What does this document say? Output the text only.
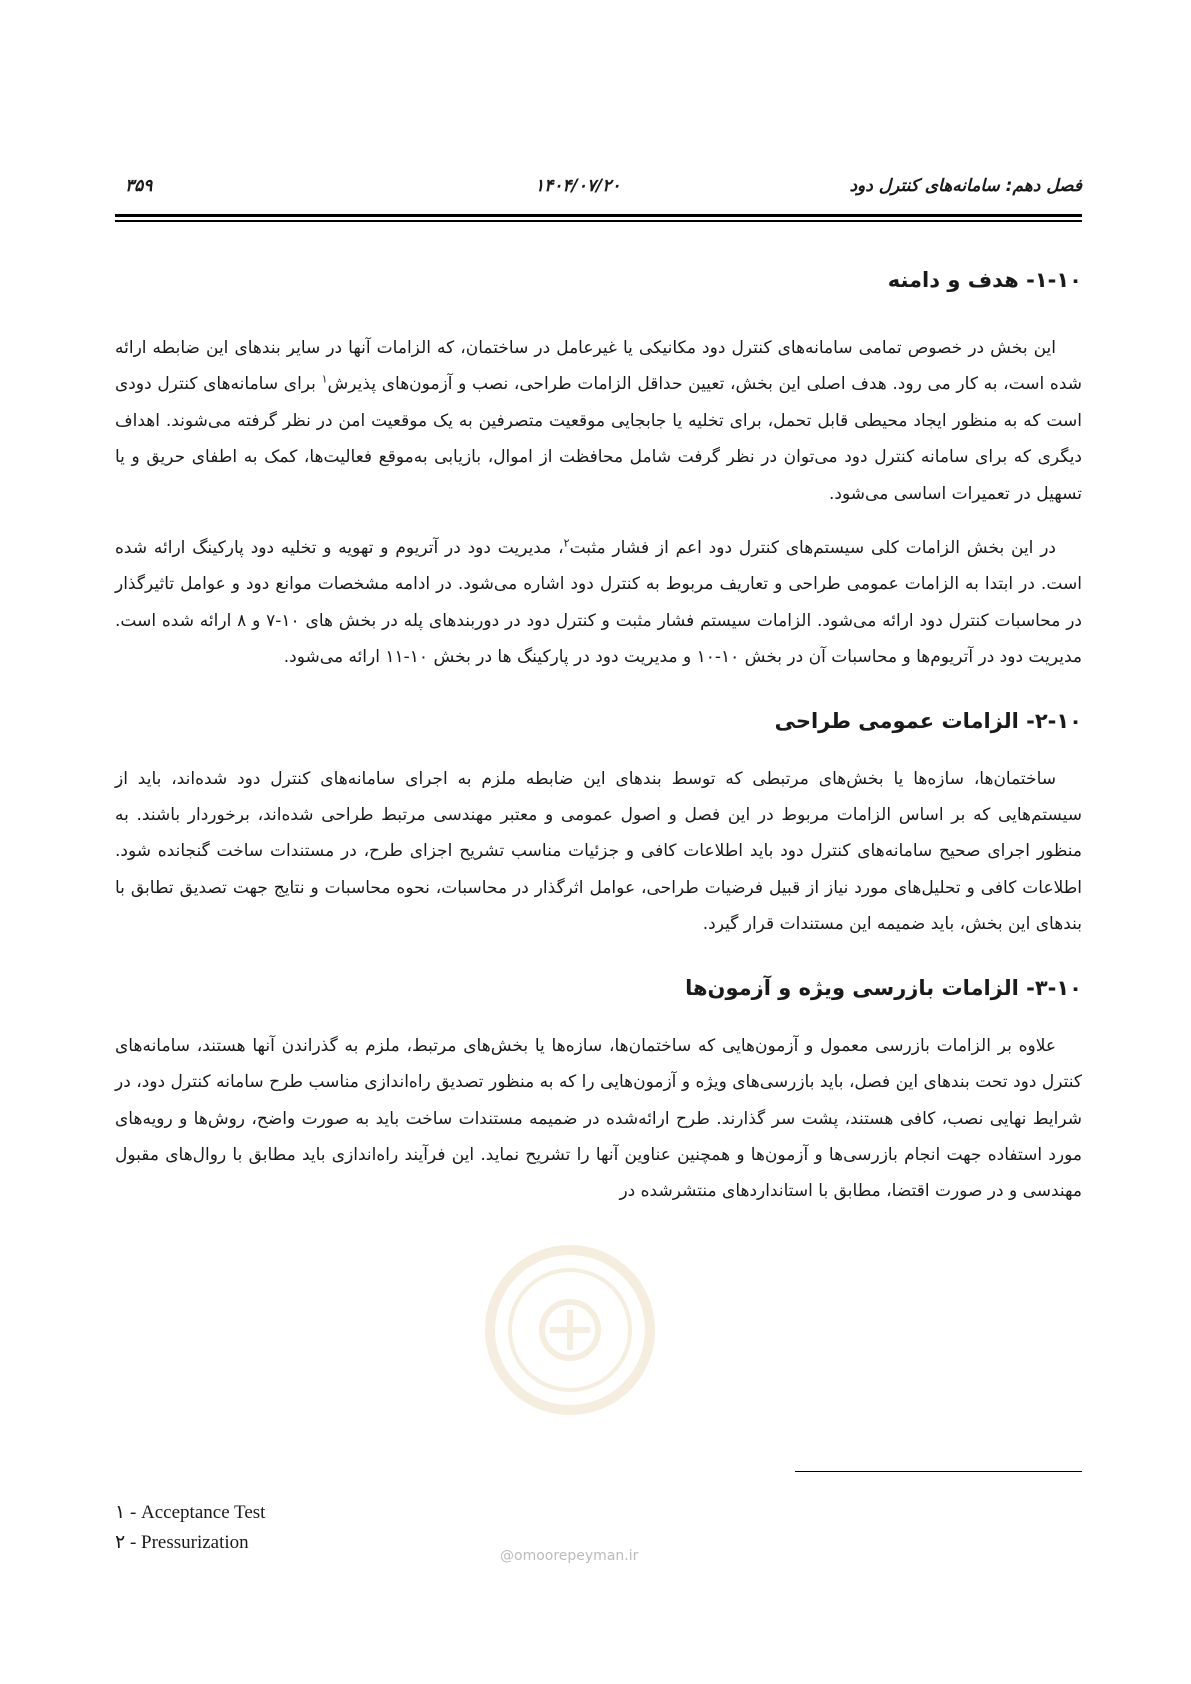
فصل دهم: سامانه‌های کنترل دود
۱۴۰۴/۰۷/۲۰
۳۵۹
۱-۱۰- هدف و دامنه

این بخش در خصوص تمامی سامانه‌های کنترل دود مکانیکی یا غیرعامل در ساختمان، که الزامات آنها در سایر بندهای این ضابطه ارائه شده است، به کار می رود. هدف اصلی این بخش، تعیین حداقل الزامات طراحی، نصب و آزمون‌های پذیرش$^۱$ برای سامانه‌های کنترل دودی است که به منظور ایجاد محیطی قابل تحمل، برای تخلیه یا جابجایی موقعیت متصرفین به یک موقعیت امن در نظر گرفته می‌شوند. اهداف دیگری که برای سامانه کنترل دود می‌توان در نظر گرفت شامل محافظت از اموال، بازیابی به‌موقع فعالیت‌ها، کمک به اطفای حریق و یا تسهیل در تعمیرات اساسی می‌شود.

در این بخش الزامات کلی سیستم‌های کنترل دود اعم از فشار مثبت$^۲$، مدیریت دود در آتریوم و تهویه و تخلیه دود پارکینگ ارائه شده است. در ابتدا به الزامات عمومی طراحی و تعاریف مربوط به کنترل دود اشاره می‌شود. در ادامه مشخصات موانع دود و عوامل تاثیرگذار در محاسبات کنترل دود ارائه می‌شود. الزامات سیستم فشار مثبت و کنترل دود در دوربندهای پله در بخش های ۱۰-۷ و ۸ ارائه شده است. مدیریت دود در آتریوم‌ها و محاسبات آن در بخش ۱۰-۱۰ و مدیریت دود در پارکینگ ها در بخش ۱۰-۱۱ ارائه می‌شود.

۲-۱۰- الزامات عمومی طراحی

ساختمان‌ها، سازه‌ها یا بخش‌های مرتبطی که توسط بندهای این ضابطه ملزم به اجرای سامانه‌های کنترل دود شده‌اند، باید از سیستم‌هایی که بر اساس الزامات مربوط در این فصل و اصول عمومی و معتبر مهندسی مرتبط طراحی شده‌اند، برخوردار باشند. به منظور اجرای صحیح سامانه‌های کنترل دود باید اطلاعات کافی و جزئیات مناسب تشریح اجزای طرح، در مستندات ساخت گنجانده شود. اطلاعات کافی و تحلیل‌های مورد نیاز از قبیل فرضیات طراحی، عوامل اثرگذار در محاسبات، نحوه محاسبات و نتایج جهت تصدیق تطابق با بندهای این بخش، باید ضمیمه این مستندات قرار گیرد.

۳-۱۰- الزامات بازرسی ویژه و آزمون‌ها

علاوه بر الزامات بازرسی معمول و آزمون‌هایی که ساختمان‌ها، سازه‌ها یا بخش‌های مرتبط، ملزم به گذراندن آنها هستند، سامانه‌های کنترل دود تحت بندهای این فصل، باید بازرسی‌های ویژه و آزمون‌هایی را که به منظور تصدیق راه‌اندازی مناسب طرح سامانه کنترل دود، در شرایط نهایی نصب، کافی هستند، پشت سر گذارند. طرح ارائه‌شده در ضمیمه مستندات ساخت باید به صورت واضح، روش‌ها و رویه‌های مورد استفاده جهت انجام بازرسی‌ها و آزمون‌ها و همچنین عناوین آنها را تشریح نماید. این فرآیند راه‌اندازی باید مطابق با روال‌های مقبول مهندسی و در صورت اقتضا، مطابق با استانداردهای منتشرشده در

۱ - Acceptance Test
۲ - Pressurization
@omoorepeyman.ir
